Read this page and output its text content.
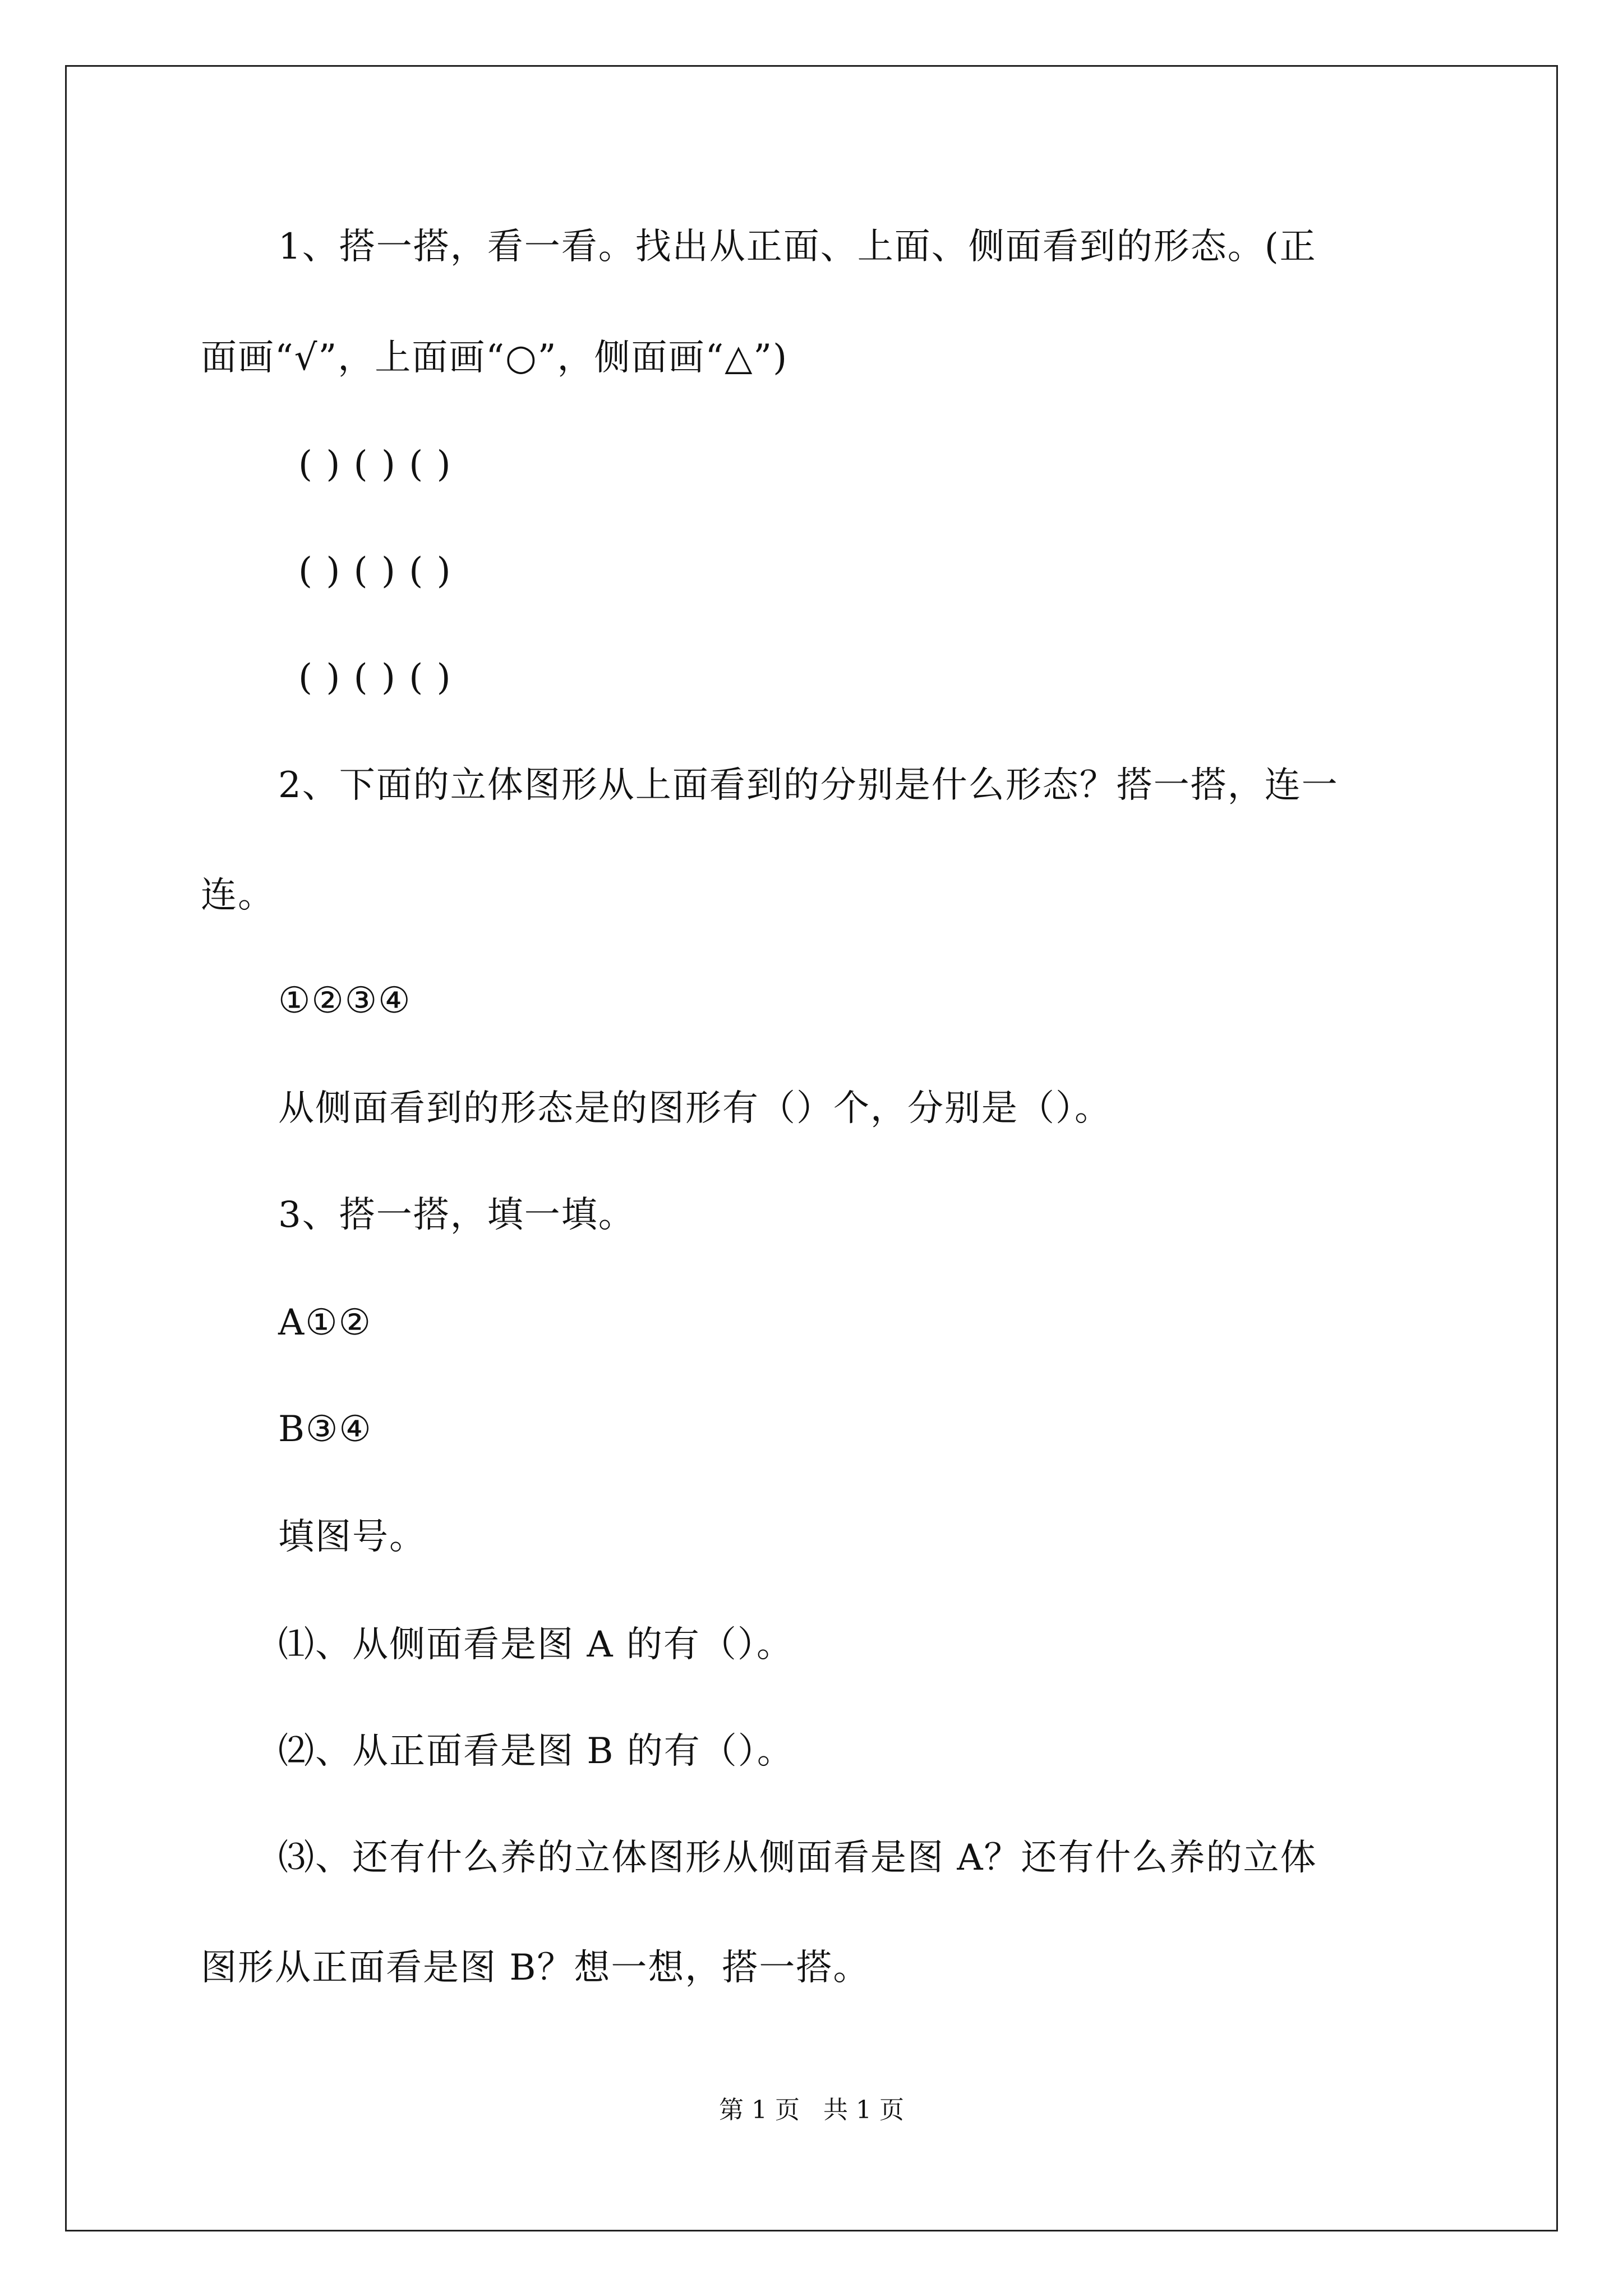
1、搭一搭，看一看。找出从正面、上面、侧面看到的形态。(正
面画“√”，上面画“○”，侧面画“△”)
( ) ( ) ( )
( ) ( ) ( )
( ) ( ) ( )
2、下面的立体图形从上面看到的分别是什么形态？搭一搭，连一
连。
①②③④
从侧面看到的形态是的图形有（）个，分别是（）。
3、搭一搭，填一填。
A①②
B③④
填图号。
⑴、从侧面看是图 A 的有（）。
⑵、从正面看是图 B 的有（）。
⑶、还有什么养的立体图形从侧面看是图 A？还有什么养的立体
图形从正面看是图 B？想一想，搭一搭。
第 1 页   共 1 页
